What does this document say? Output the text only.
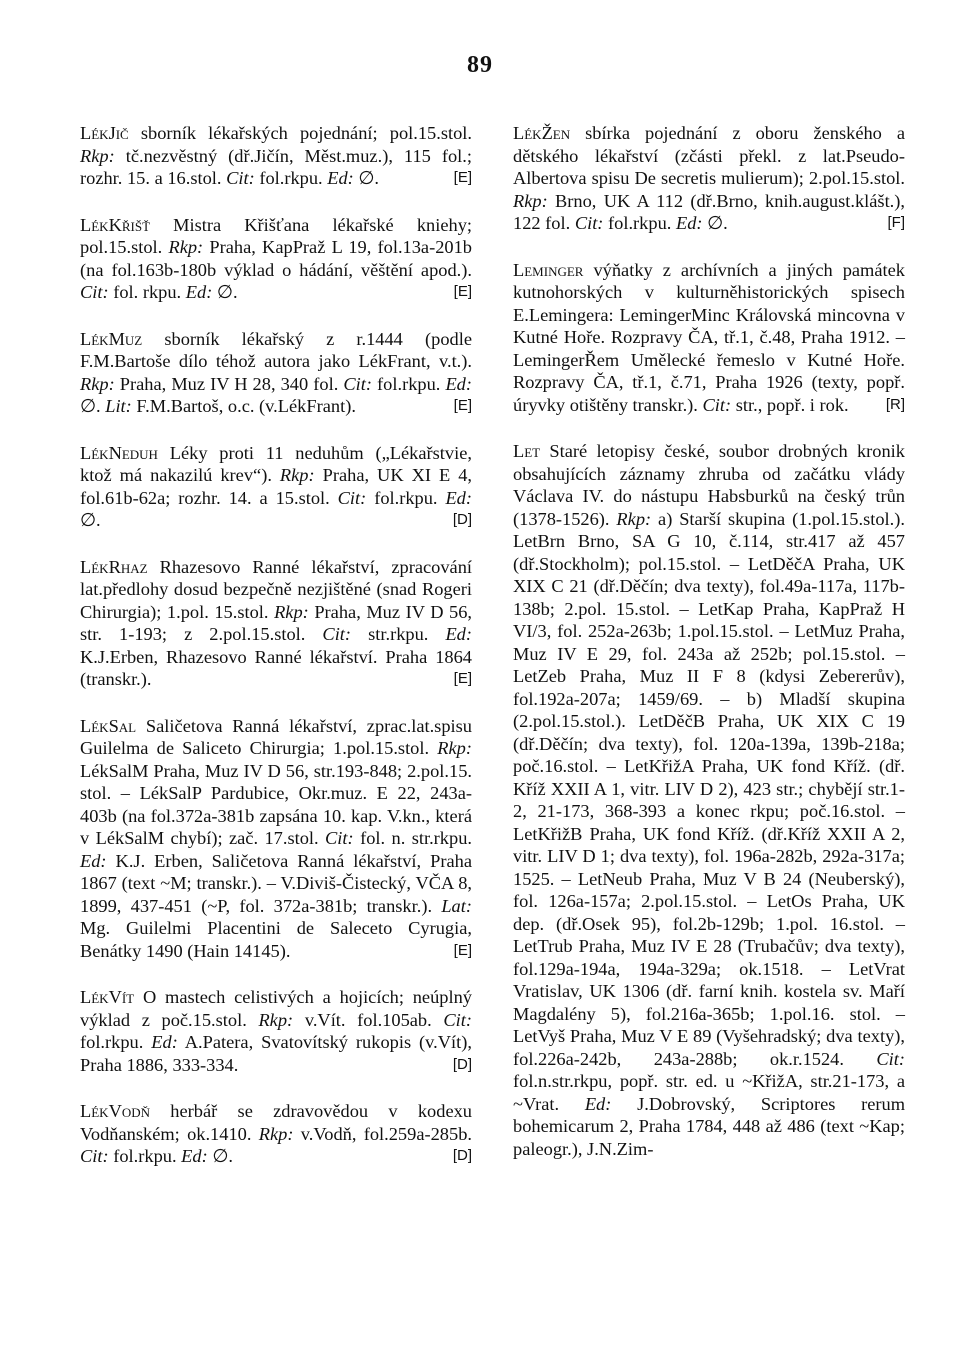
89

LékJič sborník lékařských pojednání; pol.15.stol. Rkp: tč.nezvěstný (dř.Jičín, Měst.muz.), 115 fol.; rozhr. 15. a 16.stol. Cit: fol.rkpu. Ed: ∅.	[E]

LékKřišť Mistra Křišťana lékařské kniehy; pol.15.stol. Rkp: Praha, KapPraž L 19, fol.13a-201b (na fol.163b-180b výklad o hádání, věštění apod.). Cit: fol. rkpu. Ed: ∅.	[E]

LékMuz sborník lékařský z r.1444 (podle F.M.Bartoše dílo téhož autora jako LékFrant, v.t.). Rkp: Praha, Muz IV H 28, 340 fol. Cit: fol.rkpu. Ed: ∅. Lit: F.M.Bartoš, o.c. (v.LékFrant).	[E]

LékNeduh Léky proti 11 neduhům („Lékařstvie, ktož má nakazilú krev“). Rkp: Praha, UK XI E 4, fol.61b-62a; rozhr. 14. a 15.stol. Cit: fol.rkpu. Ed: ∅.	[D]

LékRhaz Rhazesovo Ranné lékařství, zpracování lat.předlohy dosud bezpečně nezjištěné (snad Rogeri Chirurgia); 1.pol. 15.stol. Rkp: Praha, Muz IV D 56, str. 1-193; z 2.pol.15.stol. Cit: str.rkpu. Ed: K.J.Erben, Rhazesovo Ranné lékařství. Praha 1864 (transkr.).	[E]

LékSal Saličetova Ranná lékařství, zprac.lat.spisu Guilelma de Saliceto Chirurgia; 1.pol.15.stol. Rkp: LékSalM Praha, Muz IV D 56, str.193-848; 2.pol.15. stol. – LékSalP Pardubice, Okr.muz. E 22, 243a-403b (na fol.372a-381b zapsána 10. kap. V.kn., která v LékSalM chybí); zač. 17.stol. Cit: fol. n. str.rkpu. Ed: K.J. Erben, Saličetova Ranná lékařství, Praha 1867 (text ~M; transkr.). – V.Diviš-Čistecký, VČA 8, 1899, 437-451 (~P, fol. 372a-381b; transkr.). Lat: Mg. Guilelmi Placentini de Saleceto Cyrugia, Benátky 1490 (Hain 14145).	[E]

LékVít O mastech celistivých a hojicích; neúplný výklad z poč.15.stol. Rkp: v.Vít. fol.105ab. Cit: fol.rkpu. Ed: A.Patera, Svatovítský rukopis (v.Vít), Praha 1886, 333-334.	[D]

LékVodň herbář se zdravovědou v kodexu Vodňanském; ok.1410. Rkp: v.Vodň, fol.259a-285b. Cit: fol.rkpu. Ed: ∅.	[D]

LékŽen sbírka pojednání z oboru ženského a dětského lékařství (zčásti překl. z lat.Pseudo-Albertova spisu De secretis mulierum); 2.pol.15.stol. Rkp: Brno, UK A 112 (dř.Brno, knih.august.klášt.), 122 fol. Cit: fol.rkpu. Ed: ∅.	[F]

Leminger výňatky z archívních a jiných památek kutnohorských v kulturněhistorických spisech E.Lemingera: LemingerMinc Královská mincovna v Kutné Hoře. Rozpravy ČA, tř.1, č.48, Praha 1912. – LemingerŘem Umělecké řemeslo v Kutné Hoře. Rozpravy ČA, tř.1, č.71, Praha 1926 (texty, popř. úryvky otištěny transkr.). Cit: str., popř. i rok. [R]

Let Staré letopisy české, soubor drobných kronik obsahujících záznamy zhruba od začátku vlády Václava IV. do nástupu Habsburků na český trůn (1378-1526). Rkp: a) Starší skupina (1.pol.15.stol.). LetBrn Brno, SA G 10, č.114, str.417 až 457 (dř.Stockholm); pol.15.stol. – LetDěčA Praha, UK XIX C 21 (dř.Děčín; dva texty), fol.49a-117a, 117b-138b; 2.pol. 15.stol. – LetKap Praha, KapPraž H VI/3, fol. 252a-263b; 1.pol.15.stol. – LetMuz Praha, Muz IV E 29, fol. 243a až 252b; pol.15.stol. – LetZeb Praha, Muz II F 8 (kdysi Zebererův), fol.192a-207a; 1459/69. – b) Mladší skupina (2.pol.15.stol.). LetDěčB Praha, UK XIX C 19 (dř.Děčín; dva texty), fol. 120a-139a, 139b-218a; poč.16.stol. – LetKřižA Praha, UK fond Kříž. (dř. Kříž XXII A 1, vitr. LIV D 2), 423 str.; chybějí str.1-2, 21-173, 368-393 a konec rkpu; poč.16.stol. – LetKřižB Praha, UK fond Kříž. (dř.Kříž XXII A 2, vitr. LIV D 1; dva texty), fol. 196a-282b, 292a-317a; 1525. – LetNeub Praha, Muz V B 24 (Neuberský), fol. 126a-157a; 2.pol.15.stol. – LetOs Praha, UK dep. (dř.Osek 95), fol.2b-129b; 1.pol. 16.stol. – LetTrub Praha, Muz IV E 28 (Trubačův; dva texty), fol.129a-194a, 194a-329a; ok.1518. – LetVrat Vratislav, UK 1306 (dř. farní knih. kostela sv. Maří Magdalény 5), fol.216a-365b; 1.pol.16. stol. – LetVyš Praha, Muz V E 89 (Vyšehradský; dva texty), fol.226a-242b, 243a-288b; ok.r.1524. Cit: fol.n.str.rkpu, popř. str. ed. u ~KřižA, str.21-173, a ~Vrat. Ed: J.Dobrovský, Scriptores rerum bohemicarum 2, Praha 1784, 448 až 486 (text ~Kap; paleogr.), J.N.Zim-
